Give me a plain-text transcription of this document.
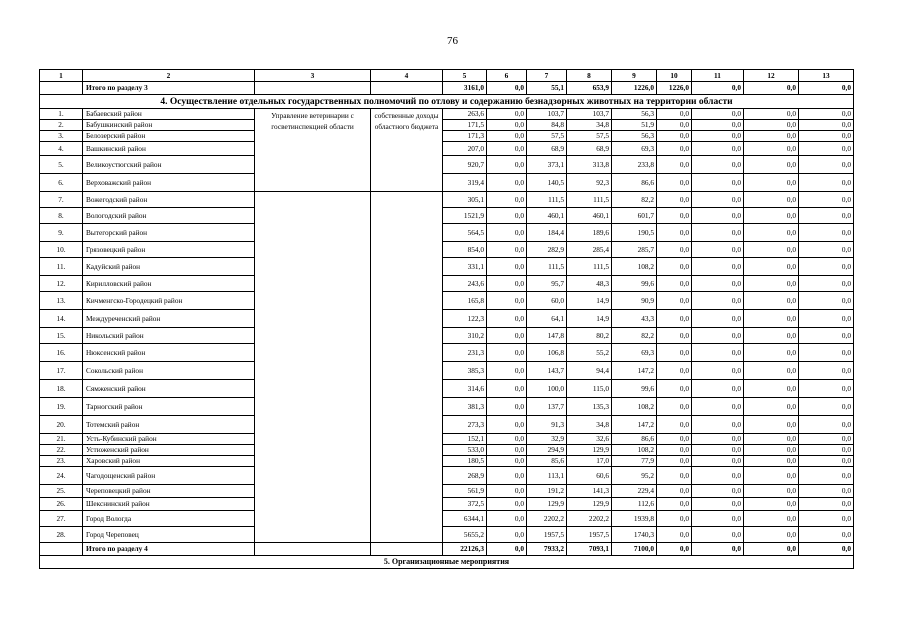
76
1	2	3	4	5	6	7	8	9	10	11	12	13
	Итого по разделу 3			3161,0	0,0	55,1	653,9	1226,0	1226,0	0,0	0,0	0,0
4. Осуществление отдельных государственных полномочий по отлову и содержанию безнадзорных животных на территории области												
1.	Бабаевский район	Управление ветеринарии с госветинспекцией области	собственные доходы областного бюджета	263,6	0,0	103,7	103,7	56,3	0,0	0,0	0,0	0,0
2.	Бабушкинский район			171,5	0,0	84,8	34,8	51,9	0,0	0,0	0,0	0,0
3.	Белозерский район			171,3	0,0	57,5	57,5	56,3	0,0	0,0	0,0	0,0
4.	Вашкинский район			207,0	0,0	68,9	68,9	69,3	0,0	0,0	0,0	0,0
5.	Великоустюгский район			920,7	0,0	373,1	313,8	233,8	0,0	0,0	0,0	0,0
6.	Верховажский район			319,4	0,0	140,5	92,3	86,6	0,0	0,0	0,0	0,0
7.	Вожегодский район			305,1	0,0	111,5	111,5	82,2	0,0	0,0	0,0	0,0
8.	Вологодский район			1521,9	0,0	460,1	460,1	601,7	0,0	0,0	0,0	0,0
9.	Вытегорский район			564,5	0,0	184,4	189,6	190,5	0,0	0,0	0,0	0,0
10.	Грязовецкий район			854,0	0,0	282,9	285,4	285,7	0,0	0,0	0,0	0,0
11.	Кадуйский район			331,1	0,0	111,5	111,5	108,2	0,0	0,0	0,0	0,0
12.	Кирилловский район			243,6	0,0	95,7	48,3	99,6	0,0	0,0	0,0	0,0
13.	Кичменгско-Городецкий район			165,8	0,0	60,0	14,9	90,9	0,0	0,0	0,0	0,0
14.	Междуреченский район			122,3	0,0	64,1	14,9	43,3	0,0	0,0	0,0	0,0
15.	Никольский район			310,2	0,0	147,8	80,2	82,2	0,0	0,0	0,0	0,0
16.	Нюксенский район			231,3	0,0	106,8	55,2	69,3	0,0	0,0	0,0	0,0
17.	Сокольский район			385,3	0,0	143,7	94,4	147,2	0,0	0,0	0,0	0,0
18.	Сямженский район			314,6	0,0	100,0	115,0	99,6	0,0	0,0	0,0	0,0
19.	Тарногский район			381,3	0,0	137,7	135,3	108,2	0,0	0,0	0,0	0,0
20.	Тотемский район			273,3	0,0	91,3	34,8	147,2	0,0	0,0	0,0	0,0
21.	Усть-Кубинский район			152,1	0,0	32,9	32,6	86,6	0,0	0,0	0,0	0,0
22.	Устюженский район			533,0	0,0	294,9	129,9	108,2	0,0	0,0	0,0	0,0
23.	Харовский район			180,5	0,0	85,6	17,0	77,9	0,0	0,0	0,0	0,0
24.	Чагодощенский район			268,9	0,0	113,1	60,6	95,2	0,0	0,0	0,0	0,0
25.	Череповецкий район			561,9	0,0	191,2	141,3	229,4	0,0	0,0	0,0	0,0
26.	Шекснинский район			372,5	0,0	129,9	129,9	112,6	0,0	0,0	0,0	0,0
27.	Город Вологда			6344,1	0,0	2202,2	2202,2	1939,8	0,0	0,0	0,0	0,0
28.	Город Череповец			5655,2	0,0	1957,5	1957,5	1740,3	0,0	0,0	0,0	0,0
	Итого по разделу 4			22126,3	0,0	7933,2	7093,1	7100,0	0,0	0,0	0,0	0,0
5. Организационные мероприятия												
